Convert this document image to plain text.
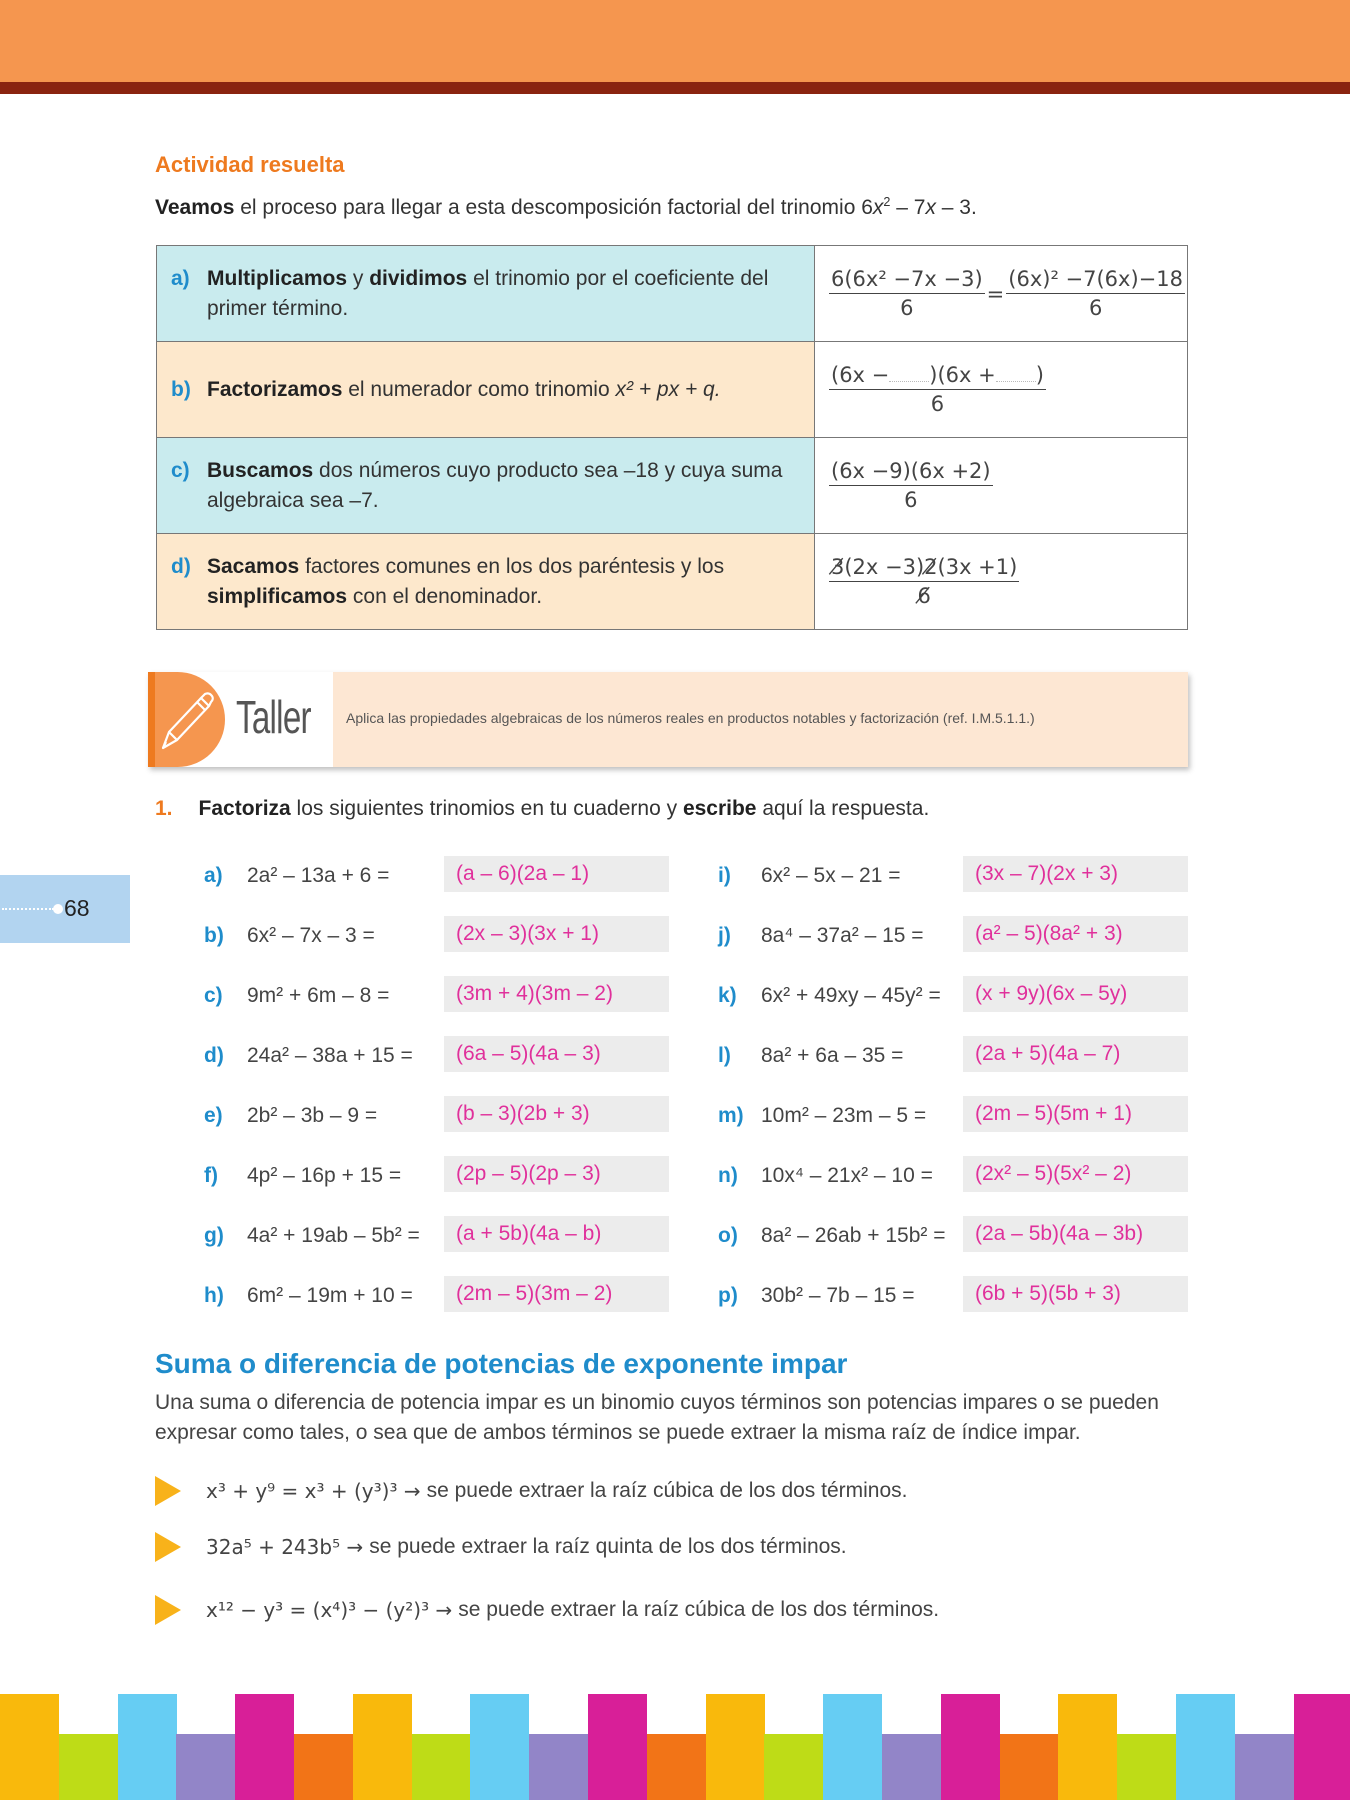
Actividad resuelta
Veamos el proceso para llegar a esta descomposición factorial del trinomio $6x^2 - 7x - 3$.
a) Multiplicamos y dividimos el trinomio por el coeficiente del primer término.	$\frac{\text{6(6x² −7x −3)}}{6} = \frac{\text{(6x)² −7(6x)−18}}{6}$

b) Factorizamos el numerador como trinomio x² + px + q.	$\frac{(6x - )(6x + )}{6}$

c) Buscamos dos números cuyo producto sea –18 y cuya suma algebraica sea –7.	$\frac{(6x -9)(6x +2)}{6}$

d) Sacamos factores comunes en los dos paréntesis y los simplificamos con el denominador.	$\frac{3̸(2x -3)2̸(3x +1)}{6̸}$
Taller	Aplica las propiedades algebraicas de los números reales en productos notables y factorización (ref. I.M.5.1.1.)
1. Factoriza los siguientes trinomios en tu cuaderno y escribe aquí la respuesta.
a)	2a² – 13a + 6 =	(a – 6)(2a – 1)
b)	6x² – 7x – 3 =	(2x – 3)(3x + 1)
c)	9m² + 6m – 8 =	(3m + 4)(3m – 2)
d)	24a² – 38a + 15 =	(6a – 5)(4a – 3)
e)	2b² – 3b – 9 =	(b – 3)(2b + 3)
f)	4p² – 16p + 15 =	(2p – 5)(2p – 3)
g)	4a² + 19ab – 5b² =	(a + 5b)(4a – b)
h)	6m² – 19m + 10 =	(2m – 5)(3m – 2)
i)	6x² – 5x – 21 =	(3x – 7)(2x + 3)
j)	8a⁴ – 37a² – 15 =	(a² – 5)(8a² + 3)
k)	6x² + 49xy – 45y² =	(x + 9y)(6x – 5y)
l)	8a² + 6a – 35 =	(2a + 5)(4a – 7)
m) 10m² – 23m – 5 =	(2m – 5)(5m + 1)
n)	10x⁴ – 21x² – 10 =	(2x² – 5)(5x² – 2)
o)	8a² – 26ab + 15b² =	(2a – 5b)(4a – 3b)
p)	30b² – 7b – 15 =	(6b + 5)(5b + 3)
Suma o diferencia de potencias de exponente impar
Una suma o diferencia de potencia impar es un binomio cuyos términos son potencias impares o se pueden expresar como tales, o sea que de ambos términos se puede extraer la misma raíz de índice impar.
x³ + y⁹ = x³ + (y³)³ → se puede extraer la raíz cúbica de los dos términos.
32a⁵ + 243b⁵ → se puede extraer la raíz quinta de los dos términos.
x¹² − y³ = (x⁴)³ − (y²)³ → se puede extraer la raíz cúbica de los dos términos.
68
